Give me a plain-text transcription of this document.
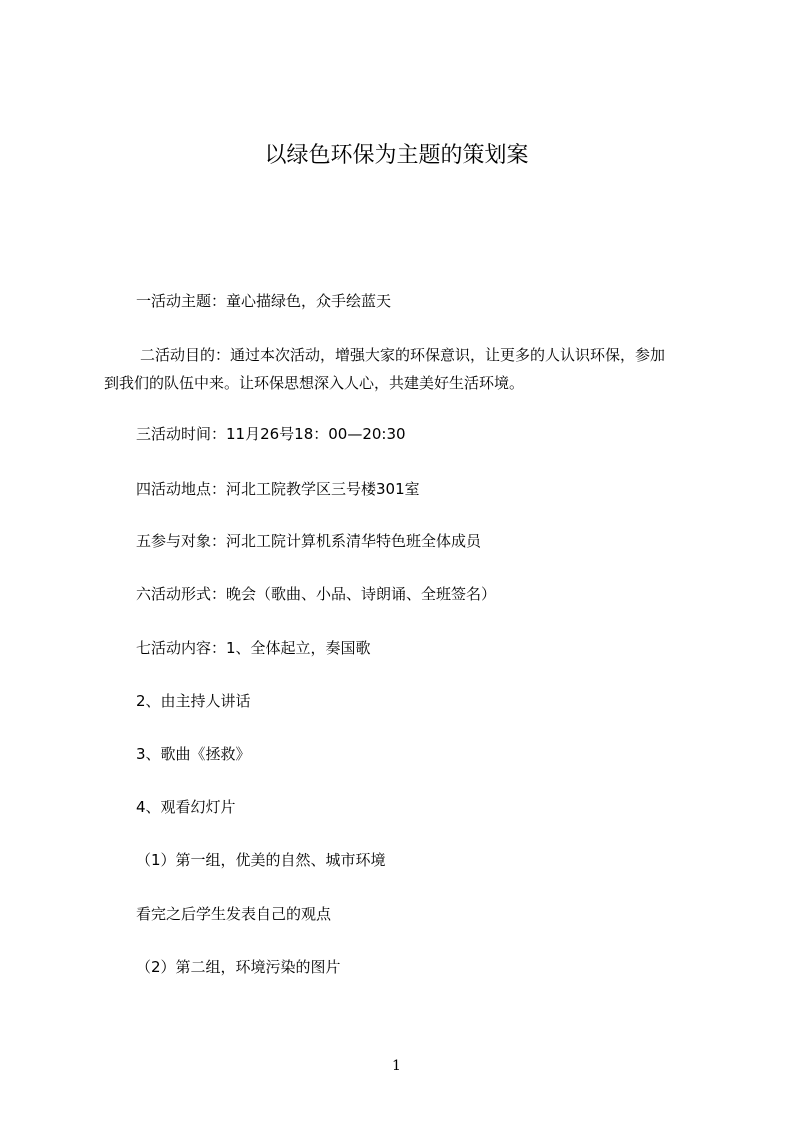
以绿色环保为主题的策划案
一活动主题：童心描绿色，众手绘蓝天
二活动目的：通过本次活动，增强大家的环保意识，让更多的人认识环保，参加
到我们的队伍中来。让环保思想深入人心，共建美好生活环境。
三活动时间：11月26号18：00—20:30
四活动地点：河北工院教学区三号楼301室
五参与对象：河北工院计算机系清华特色班全体成员
六活动形式：晚会（歌曲、小品、诗朗诵、全班签名）
七活动内容：1、全体起立，奏国歌
2、由主持人讲话
3、歌曲《拯救》
4、观看幻灯片
（1）第一组，优美的自然、城市环境
看完之后学生发表自己的观点
（2）第二组，环境污染的图片
1
